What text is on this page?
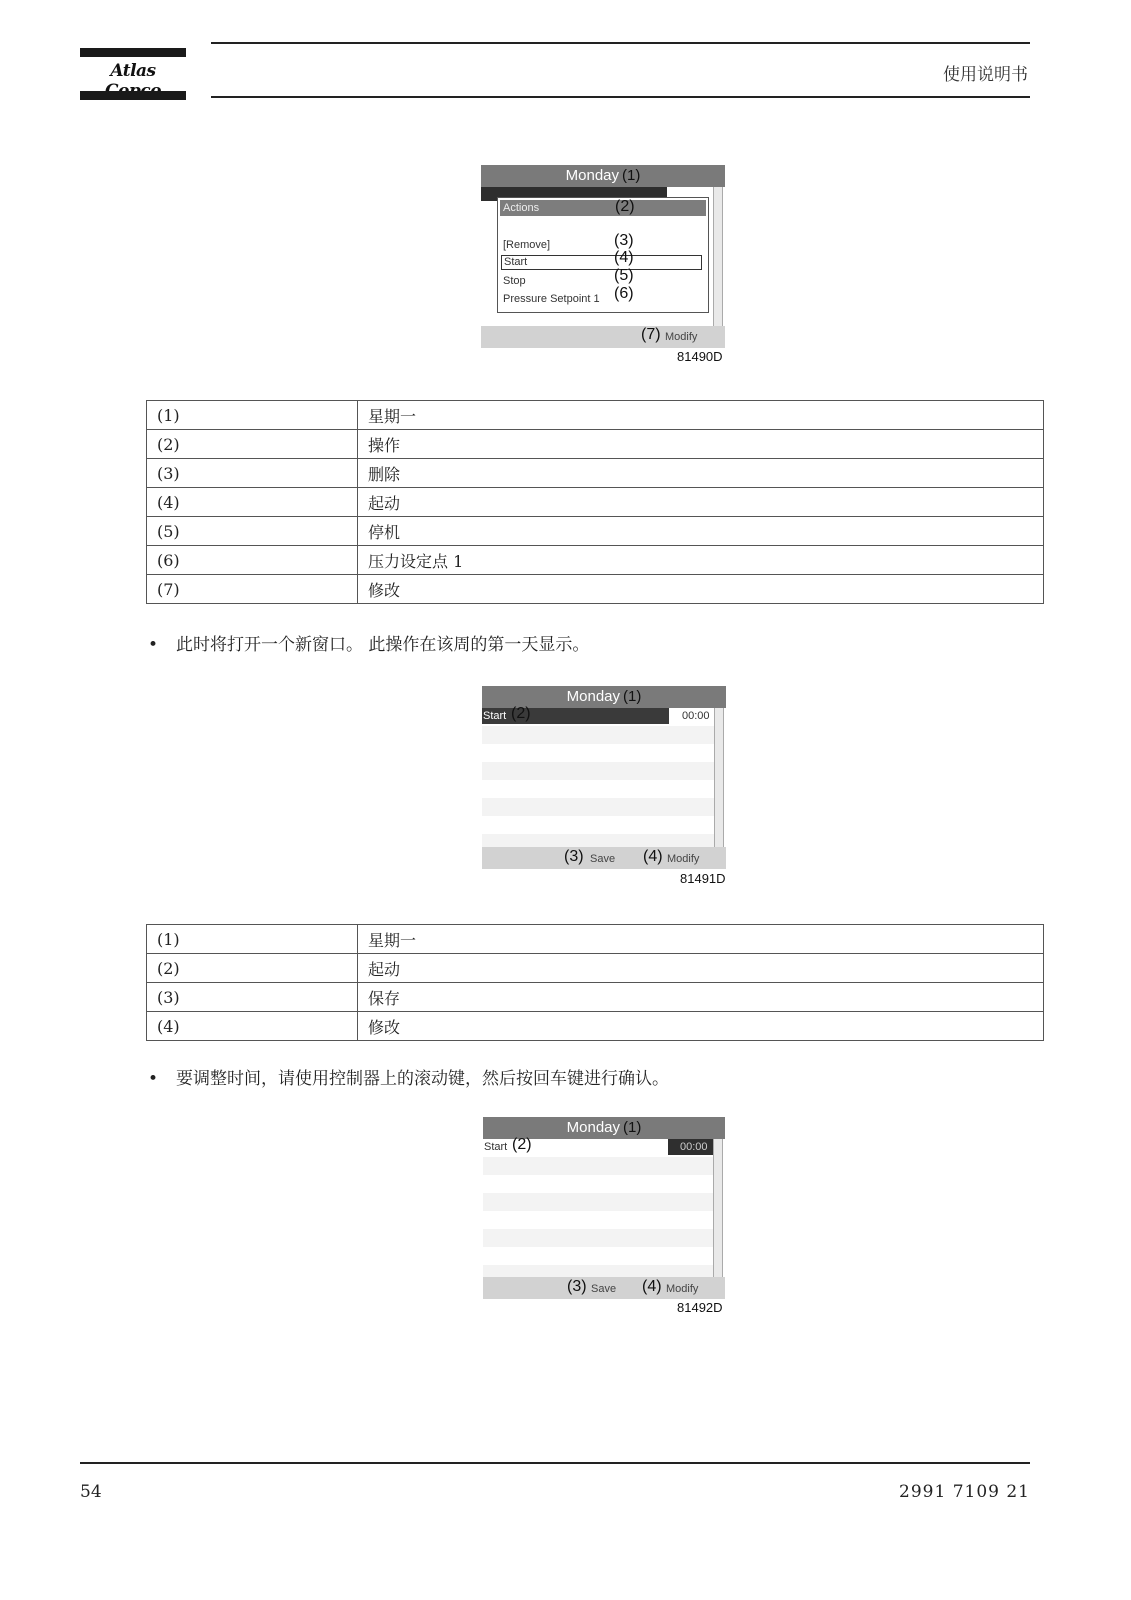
Atlas	使用说明书
Monday (1)
Actions	(2)
[Remove]	(3)
Start	(4)
Stop	(5)
Pressure Setpoint 1 (6)
(7) Modify
81490D
(1)	星期一
(2)	操作
(3)	删除
(4)	起动
(5)	停机
(6)	压力设定点 1
(7)	修改
• 此时将打开一个新窗口。 此操作在该周的第一天显示。
Monday (1)
Start (2)	00:00
(3) Save (4) Modify
81491D
(1)	星期一
(2)	起动
(3)	保存
(4)	修改
• 要调整时间，请使用控制器上的滚动键，然后按回车键进行确认。
Monday (1)
Start (2)	00:00
(3) Save (4) Modify
81492D
54	2991 7109 21
